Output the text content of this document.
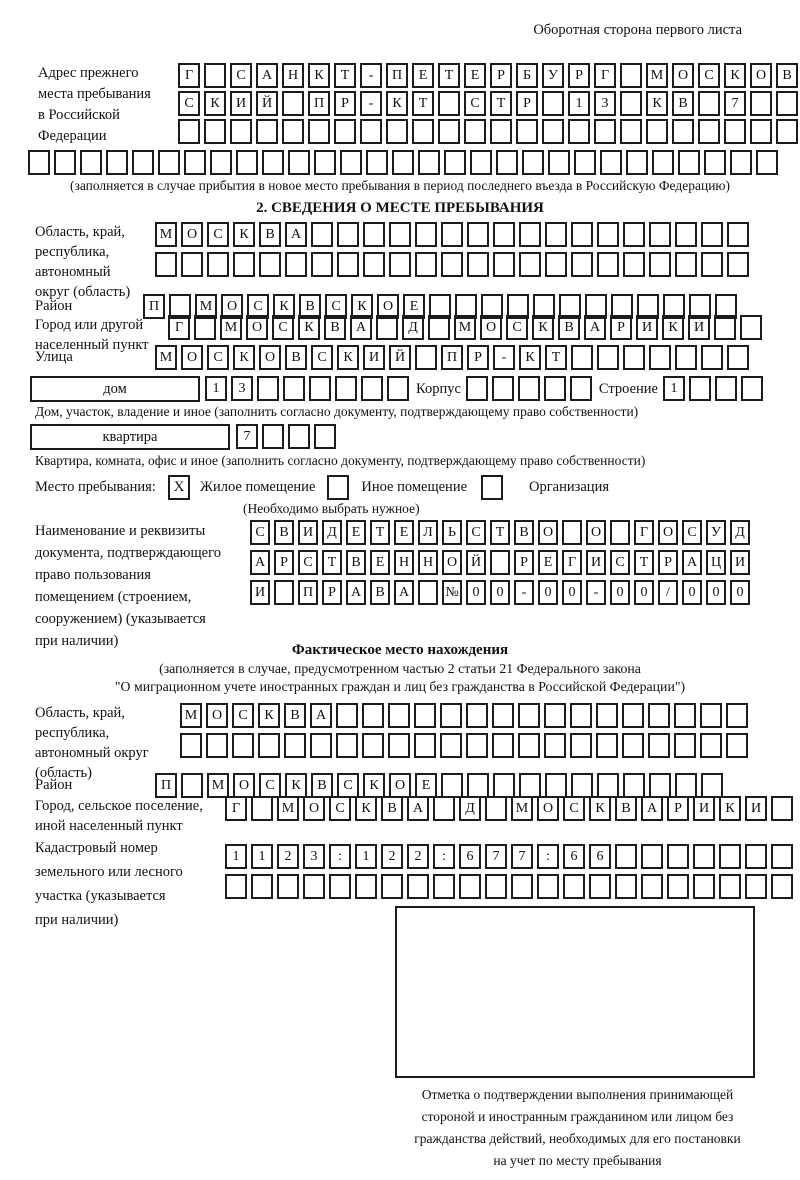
Оборотная сторона первого листа
Адрес прежнего
места пребывания
в Российской
Федерации
Г	С	А	Н	К	Т	-	П	Е	Т	Е	Р	Б	У	Р	Г	М	О	С	К	О	В
С	К	И	Й	П	Р	-	К	Т	С	Т	Р	1	3	К	В	7
(заполняется в случае прибытия в новое место пребывания в период последнего въезда в Российскую Федерацию)
2. СВЕДЕНИЯ О МЕСТЕ ПРЕБЫВАНИЯ
Область, край,
республика,
автономный
округ (область)
М	О	С	К	В	А
Район	П	М	О	С	К	В	С	К	О	Е
Город или другой
населенный пункт
Г	М	О	С	К	В	А	Д	М	О	С	К	В	А	Р	И	К	И
Улица	М	О	С	К	О	В	С	К	И	Й	П	Р	-	К	Т
дом	1	3	Корпус	Строение 1
Дом, участок, владение и иное (заполнить согласно документу, подтверждающему право собственности)
квартира	7
Квартира, комната, офис и иное (заполнить согласно документу, подтверждающему право собственности)
Место пребывания:	X	Жилое помещение	Иное помещение	Организация
(Необходимо выбрать нужное)
Наименование и реквизиты
документа, подтверждающего
право пользования
помещением (строением,
сооружением) (указывается
при наличии)
С	В	И	Д	Е	Т	Е	Л	Ь	С	Т	В	О	О	Г	О	С	У	Д
А	Р	С	Т	В	Е	Н Н О Й	Р	Е	Г	И	С	Т	Р	А Ц И
И	П	Р	А	В	А	№ 0	0	-	0	0	-	0	0	/	0	0	0
Фактическое место нахождения
(заполняется в случае, предусмотренном частью 2 статьи 21 Федерального закона
"О миграционном учете иностранных граждан и лиц без гражданства в Российской Федерации")
Область, край,
республика,
автономный округ
(область)
М	О	С	К	В	А
Район	П	М	О	С	К	В	С	К	О	Е
Город, сельское поселение,
иной населенный пункт
Г	М	О	С	К	В	А	Д	М	О	С	К	В	А	Р	И	К	И
Кадастровый номер
земельного или лесного
участка (указывается
при наличии)
1	1	2	3	:	1	2	2	:	6	7	7	:	6	6
Отметка о подтверждении выполнения принимающей
стороной и иностранным гражданином или лицом без
гражданства действий, необходимых для его постановки
на учет по месту пребывания
